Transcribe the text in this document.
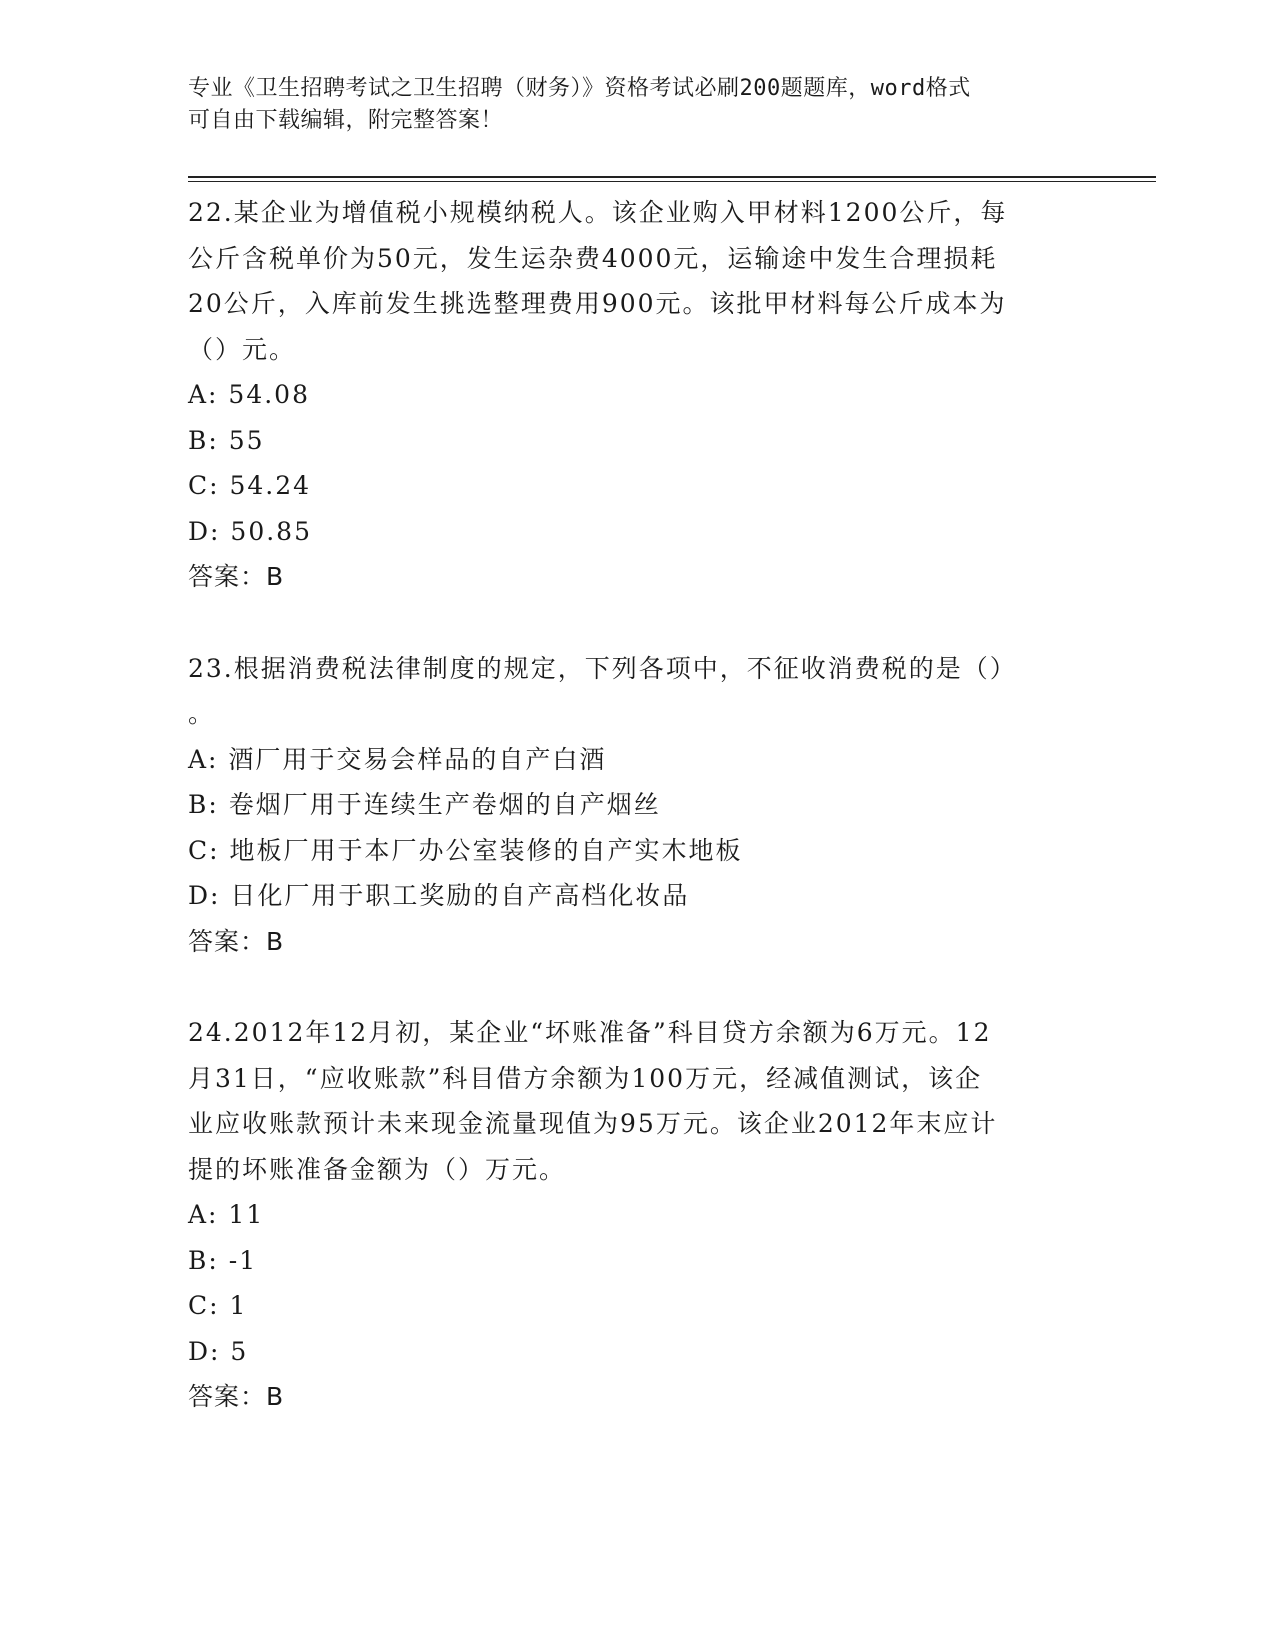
专业《卫生招聘考试之卫生招聘（财务）》资格考试必刷200题题库，word格式
可自由下载编辑，附完整答案！

22.某企业为增值税小规模纳税人。该企业购入甲材料1200公斤，每

公斤含税单价为50元，发生运杂费4000元，运输途中发生合理损耗

20公斤，入库前发生挑选整理费用900元。该批甲材料每公斤成本为

（）元。

A: 54.08

B: 55

C: 54.24

D: 50.85

答案：B

23.根据消费税法律制度的规定，下列各项中，不征收消费税的是（）

。

A: 酒厂用于交易会样品的自产白酒

B: 卷烟厂用于连续生产卷烟的自产烟丝

C: 地板厂用于本厂办公室装修的自产实木地板

D: 日化厂用于职工奖励的自产高档化妆品

答案：B

24.2012年12月初，某企业“坏账准备”科目贷方余额为6万元。12

月31日，“应收账款”科目借方余额为100万元，经减值测试，该企

业应收账款预计未来现金流量现值为95万元。该企业2012年末应计

提的坏账准备金额为（）万元。

A: 11

B: -1

C: 1

D: 5

答案：B
